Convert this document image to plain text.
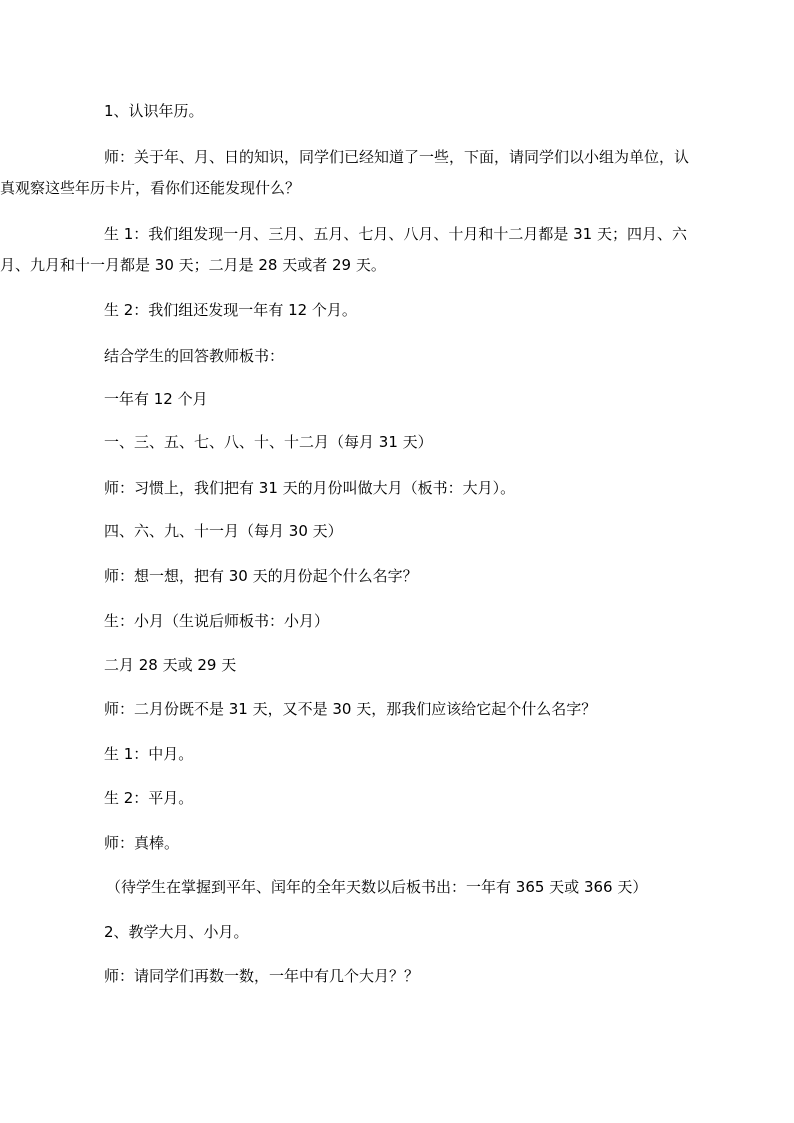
1、认识年历。
师：关于年、月、日的知识，同学们已经知道了一些，下面，请同学们以小组为单位，认
真观察这些年历卡片，看你们还能发现什么？
生 1：我们组发现一月、三月、五月、七月、八月、十月和十二月都是 31 天；四月、六
月、九月和十一月都是 30 天；二月是 28 天或者 29 天。
生 2：我们组还发现一年有 12 个月。
结合学生的回答教师板书：
一年有 12 个月
一、三、五、七、八、十、十二月（每月 31 天）
师：习惯上，我们把有 31 天的月份叫做大月（板书：大月）。
四、六、九、十一月（每月 30 天）
师：想一想，把有 30 天的月份起个什么名字？
生：小月（生说后师板书：小月）
二月 28 天或 29 天
师：二月份既不是 31 天，又不是 30 天，那我们应该给它起个什么名字？
生 1：中月。
生 2：平月。
师：真棒。
（待学生在掌握到平年、闰年的全年天数以后板书出：一年有 365 天或 366 天）
2、教学大月、小月。
师：请同学们再数一数，一年中有几个大月？？
